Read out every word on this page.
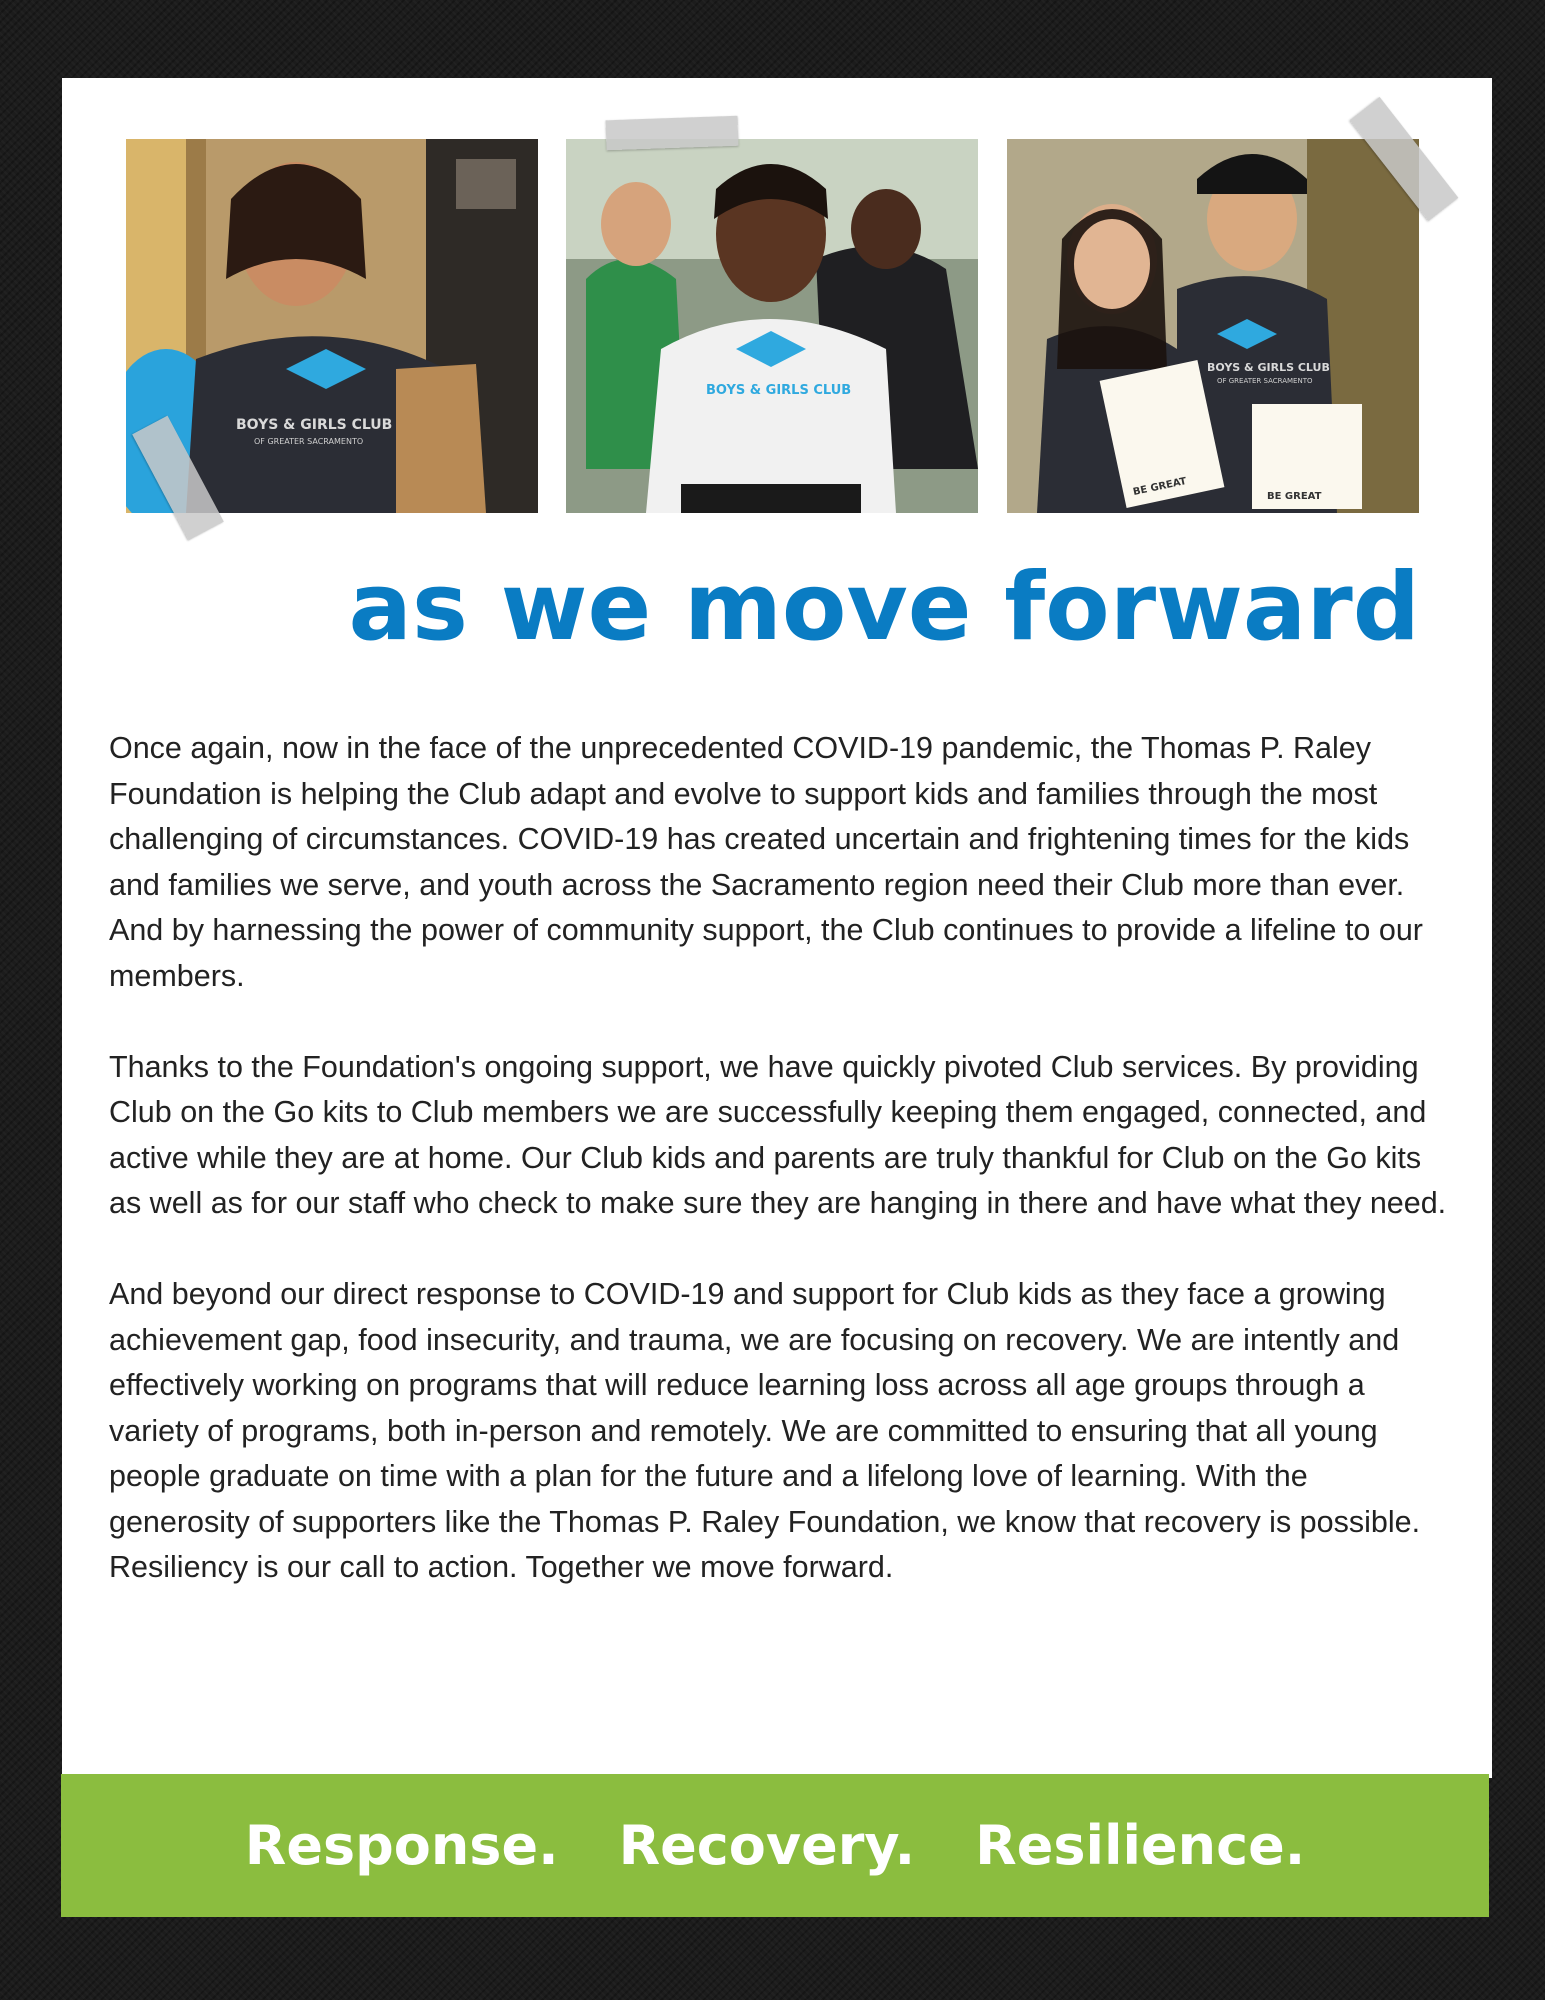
BOYS & GIRLS CLUB
OF GREATER SACRAMENTO
BOYS & GIRLS CLUB
BOYS & GIRLS CLUB
OF GREATER SACRAMENTO
BE GREAT	BE GREAT
as we move forward

Once again, now in the face of the unprecedented COVID-19 pandemic, the Thomas P. Raley Foundation is helping the Club adapt and evolve to support kids and families through the most challenging of circumstances. COVID-19 has created uncertain and frightening times for the kids and families we serve, and youth across the Sacramento region need their Club more than ever. And by harnessing the power of community support, the Club continues to provide a lifeline to our members.

Thanks to the Foundation's ongoing support, we have quickly pivoted Club services. By providing Club on the Go kits to Club members we are successfully keeping them engaged, connected, and active while they are at home. Our Club kids and parents are truly thankful for Club on the Go kits as well as for our staff who check to make sure they are hanging in there and have what they need.

And beyond our direct response to COVID-19 and support for Club kids as they face a growing achievement gap, food insecurity, and trauma, we are focusing on recovery. We are intently and effectively working on programs that will reduce learning loss across all age groups through a variety of programs, both in-person and remotely. We are committed to ensuring that all young people graduate on time with a plan for the future and a lifelong love of learning. With the generosity of supporters like the Thomas P. Raley Foundation, we know that recovery is possible. Resiliency is our call to action. Together we move forward.

Response. Recovery. Resilience.
